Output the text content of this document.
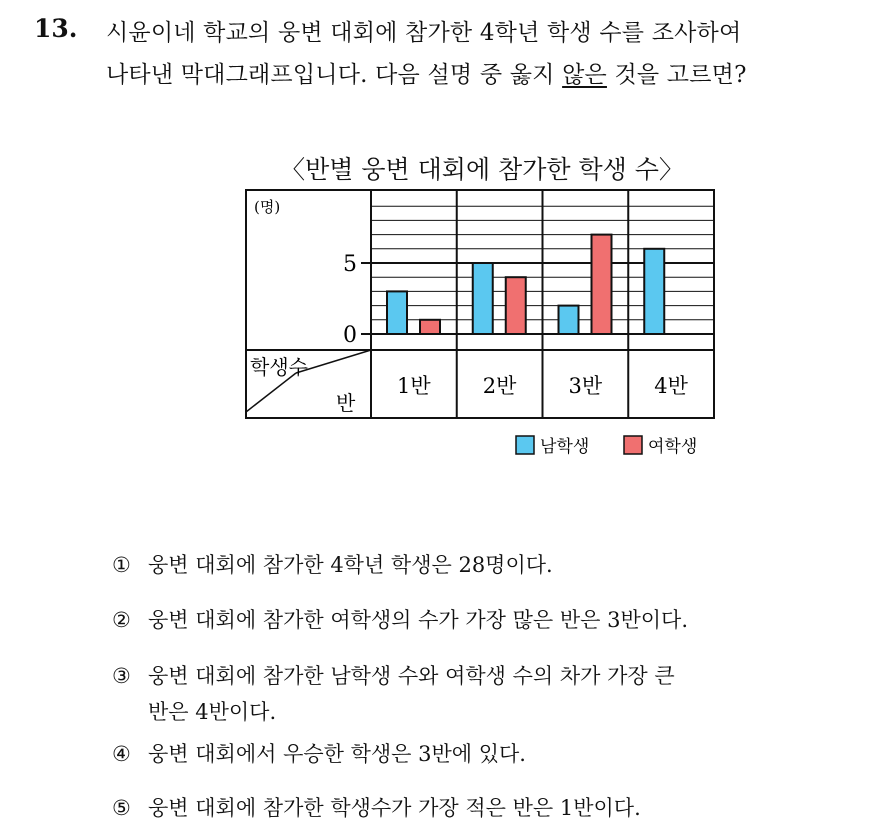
13. 시윤이네 학교의 웅변 대회에 참가한 4학년 학생 수를 조사하여
나타낸 막대그래프입니다. 다음 설명 중 옳지 않은 것을 고르면?
〈반별 웅변 대회에 참가한 학생 수〉
학생수
반
(명)
0
5
1반 2반 3반 4반
남학생	여학생
① 웅변 대회에 참가한 4학년 학생은 28명이다.
② 웅변 대회에 참가한 여학생의 수가 가장 많은 반은 3반이다.
③ 웅변 대회에 참가한 남학생 수와 여학생 수의 차가 가장 큰
반은 4반이다.
④ 웅변 대회에서 우승한 학생은 3반에 있다.
⑤ 웅변 대회에 참가한 학생수가 가장 적은 반은 1반이다.
